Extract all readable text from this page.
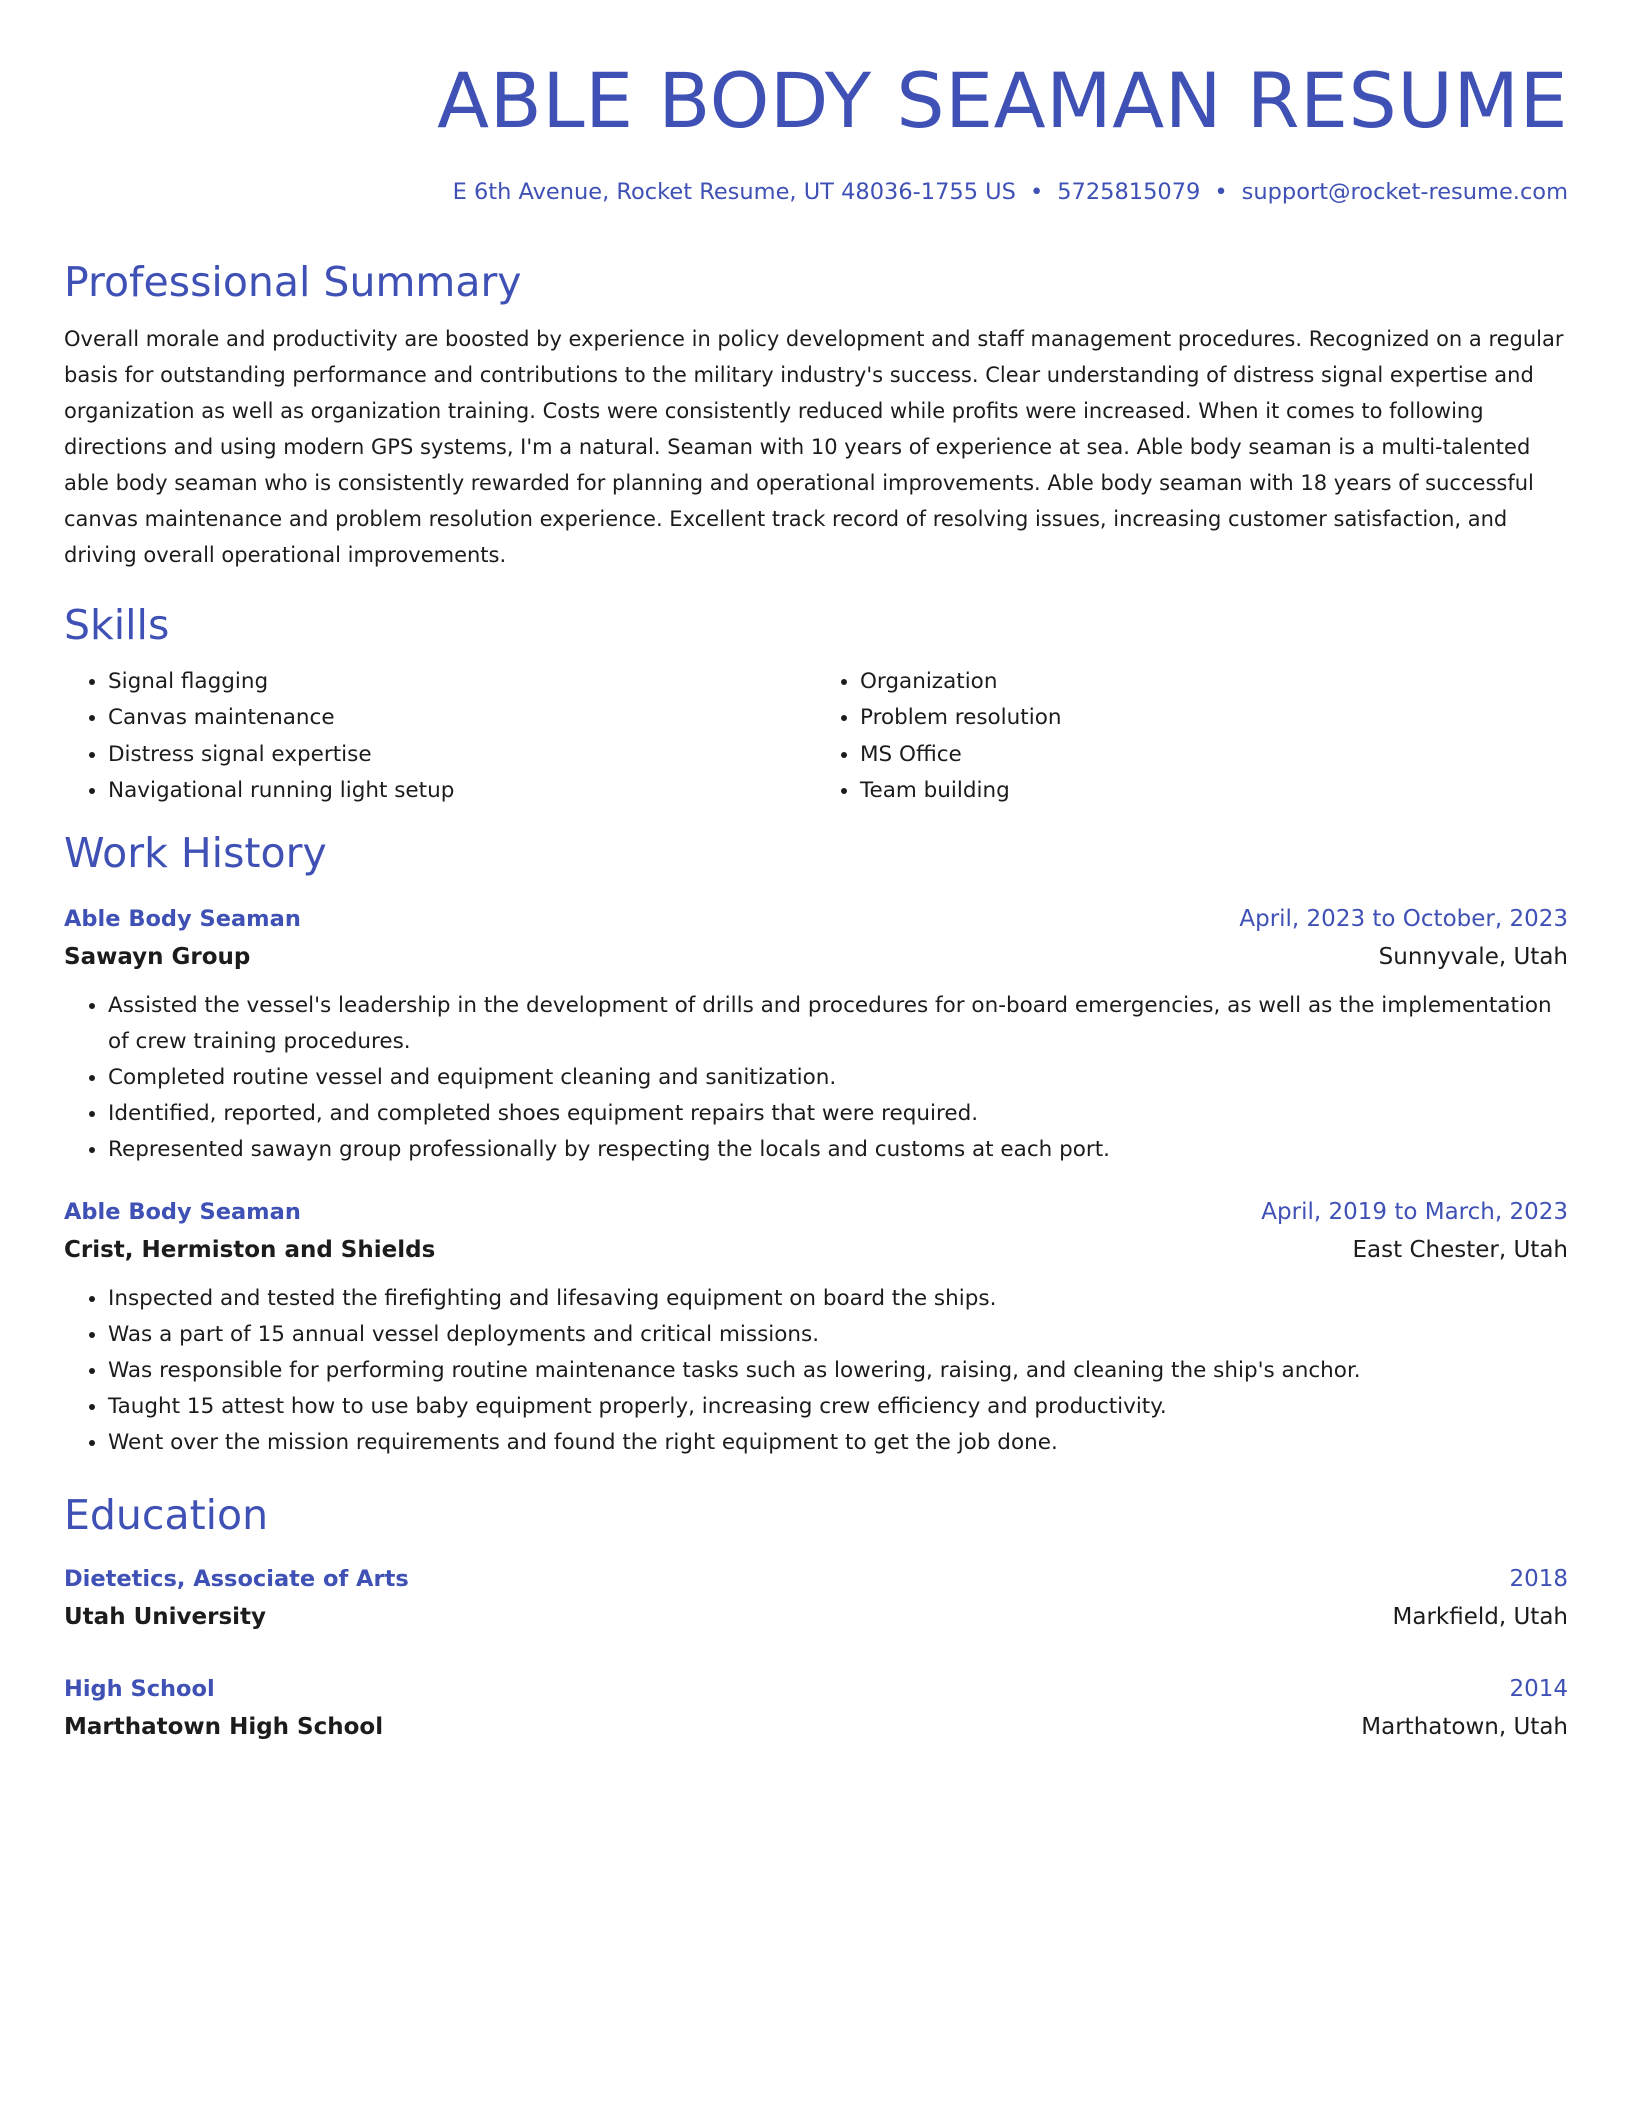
ABLE BODY SEAMAN RESUME
E 6th Avenue, Rocket Resume, UT 48036-1755 US • 5725815079 • support@rocket-resume.com
Professional Summary
Overall morale and productivity are boosted by experience in policy development and staff management procedures. Recognized on a regular basis for outstanding performance and contributions to the military industry's success. Clear understanding of distress signal expertise and organization as well as organization training. Costs were consistently reduced while profits were increased. When it comes to following directions and using modern GPS systems, I'm a natural. Seaman with 10 years of experience at sea. Able body seaman is a multi-talented able body seaman who is consistently rewarded for planning and operational improvements. Able body seaman with 18 years of successful canvas maintenance and problem resolution experience. Excellent track record of resolving issues, increasing customer satisfaction, and driving overall operational improvements.
Skills
• Signal flagging
• Canvas maintenance
• Distress signal expertise
• Navigational running light setup
• Organization
• Problem resolution
• MS Office
• Team building
Work History
Able Body Seaman	April, 2023 to October, 2023
Sawayn Group	Sunnyvale, Utah
• Assisted the vessel's leadership in the development of drills and procedures for on-board emergencies, as well as the implementation of crew training procedures.
• Completed routine vessel and equipment cleaning and sanitization.
• Identified, reported, and completed shoes equipment repairs that were required.
• Represented sawayn group professionally by respecting the locals and customs at each port.
Able Body Seaman	April, 2019 to March, 2023
Crist, Hermiston and Shields	East Chester, Utah
• Inspected and tested the firefighting and lifesaving equipment on board the ships.
• Was a part of 15 annual vessel deployments and critical missions.
• Was responsible for performing routine maintenance tasks such as lowering, raising, and cleaning the ship's anchor.
• Taught 15 attest how to use baby equipment properly, increasing crew efficiency and productivity.
• Went over the mission requirements and found the right equipment to get the job done.
Education
Dietetics, Associate of Arts	2018
Utah University	Markfield, Utah
High School	2014
Marthatown High School	Marthatown, Utah
